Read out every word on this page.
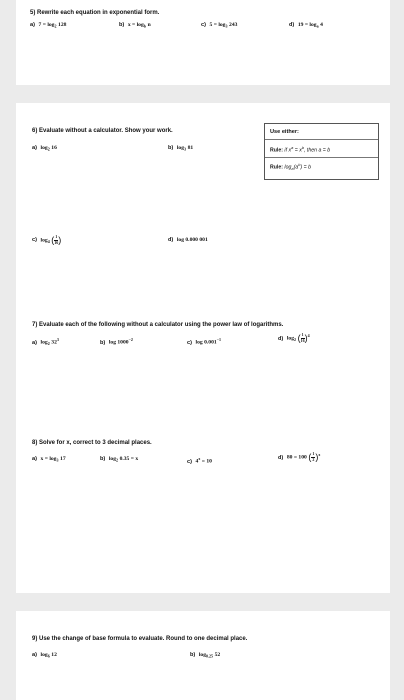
5) Rewrite each equation in exponential form.
a) $7 = \log_2 128$	b) $x = \log_b n$	c) $5 = \log_3 243$	d) $19 = \log_a 4$
6) Evaluate without a calculator. Show your work.
a) $\log_2 16$	b) $\log_3 81$
Use either:
Rule: if $x^a = x^b$, then a = b
Rule: $\log_a(a^b) = b$
c) $\log_4$ ( $\frac{1}{16}$ )	d) log 0.000 001
7) Evaluate each of the following without a calculator using the power law of logarithms.
a) $\log_2 32^3$	b) $\log 1000^{-2}$	c) $\log 0.001^{-1}$	d) $\log_2$ ( $\frac{1}{16} )^4$
8) Solve for x, correct to 3 decimal places.
a) $x = \log_3 17$	b) $\log_2 0.35 = x$	c) $4^x = 10$
d) 80 = 100 ( $\frac{1}{2} )^x$
9) Use the change of base formula to evaluate. Round to one decimal place.
a) $\log_6 12$	b) $\log_{0.25} 52$
